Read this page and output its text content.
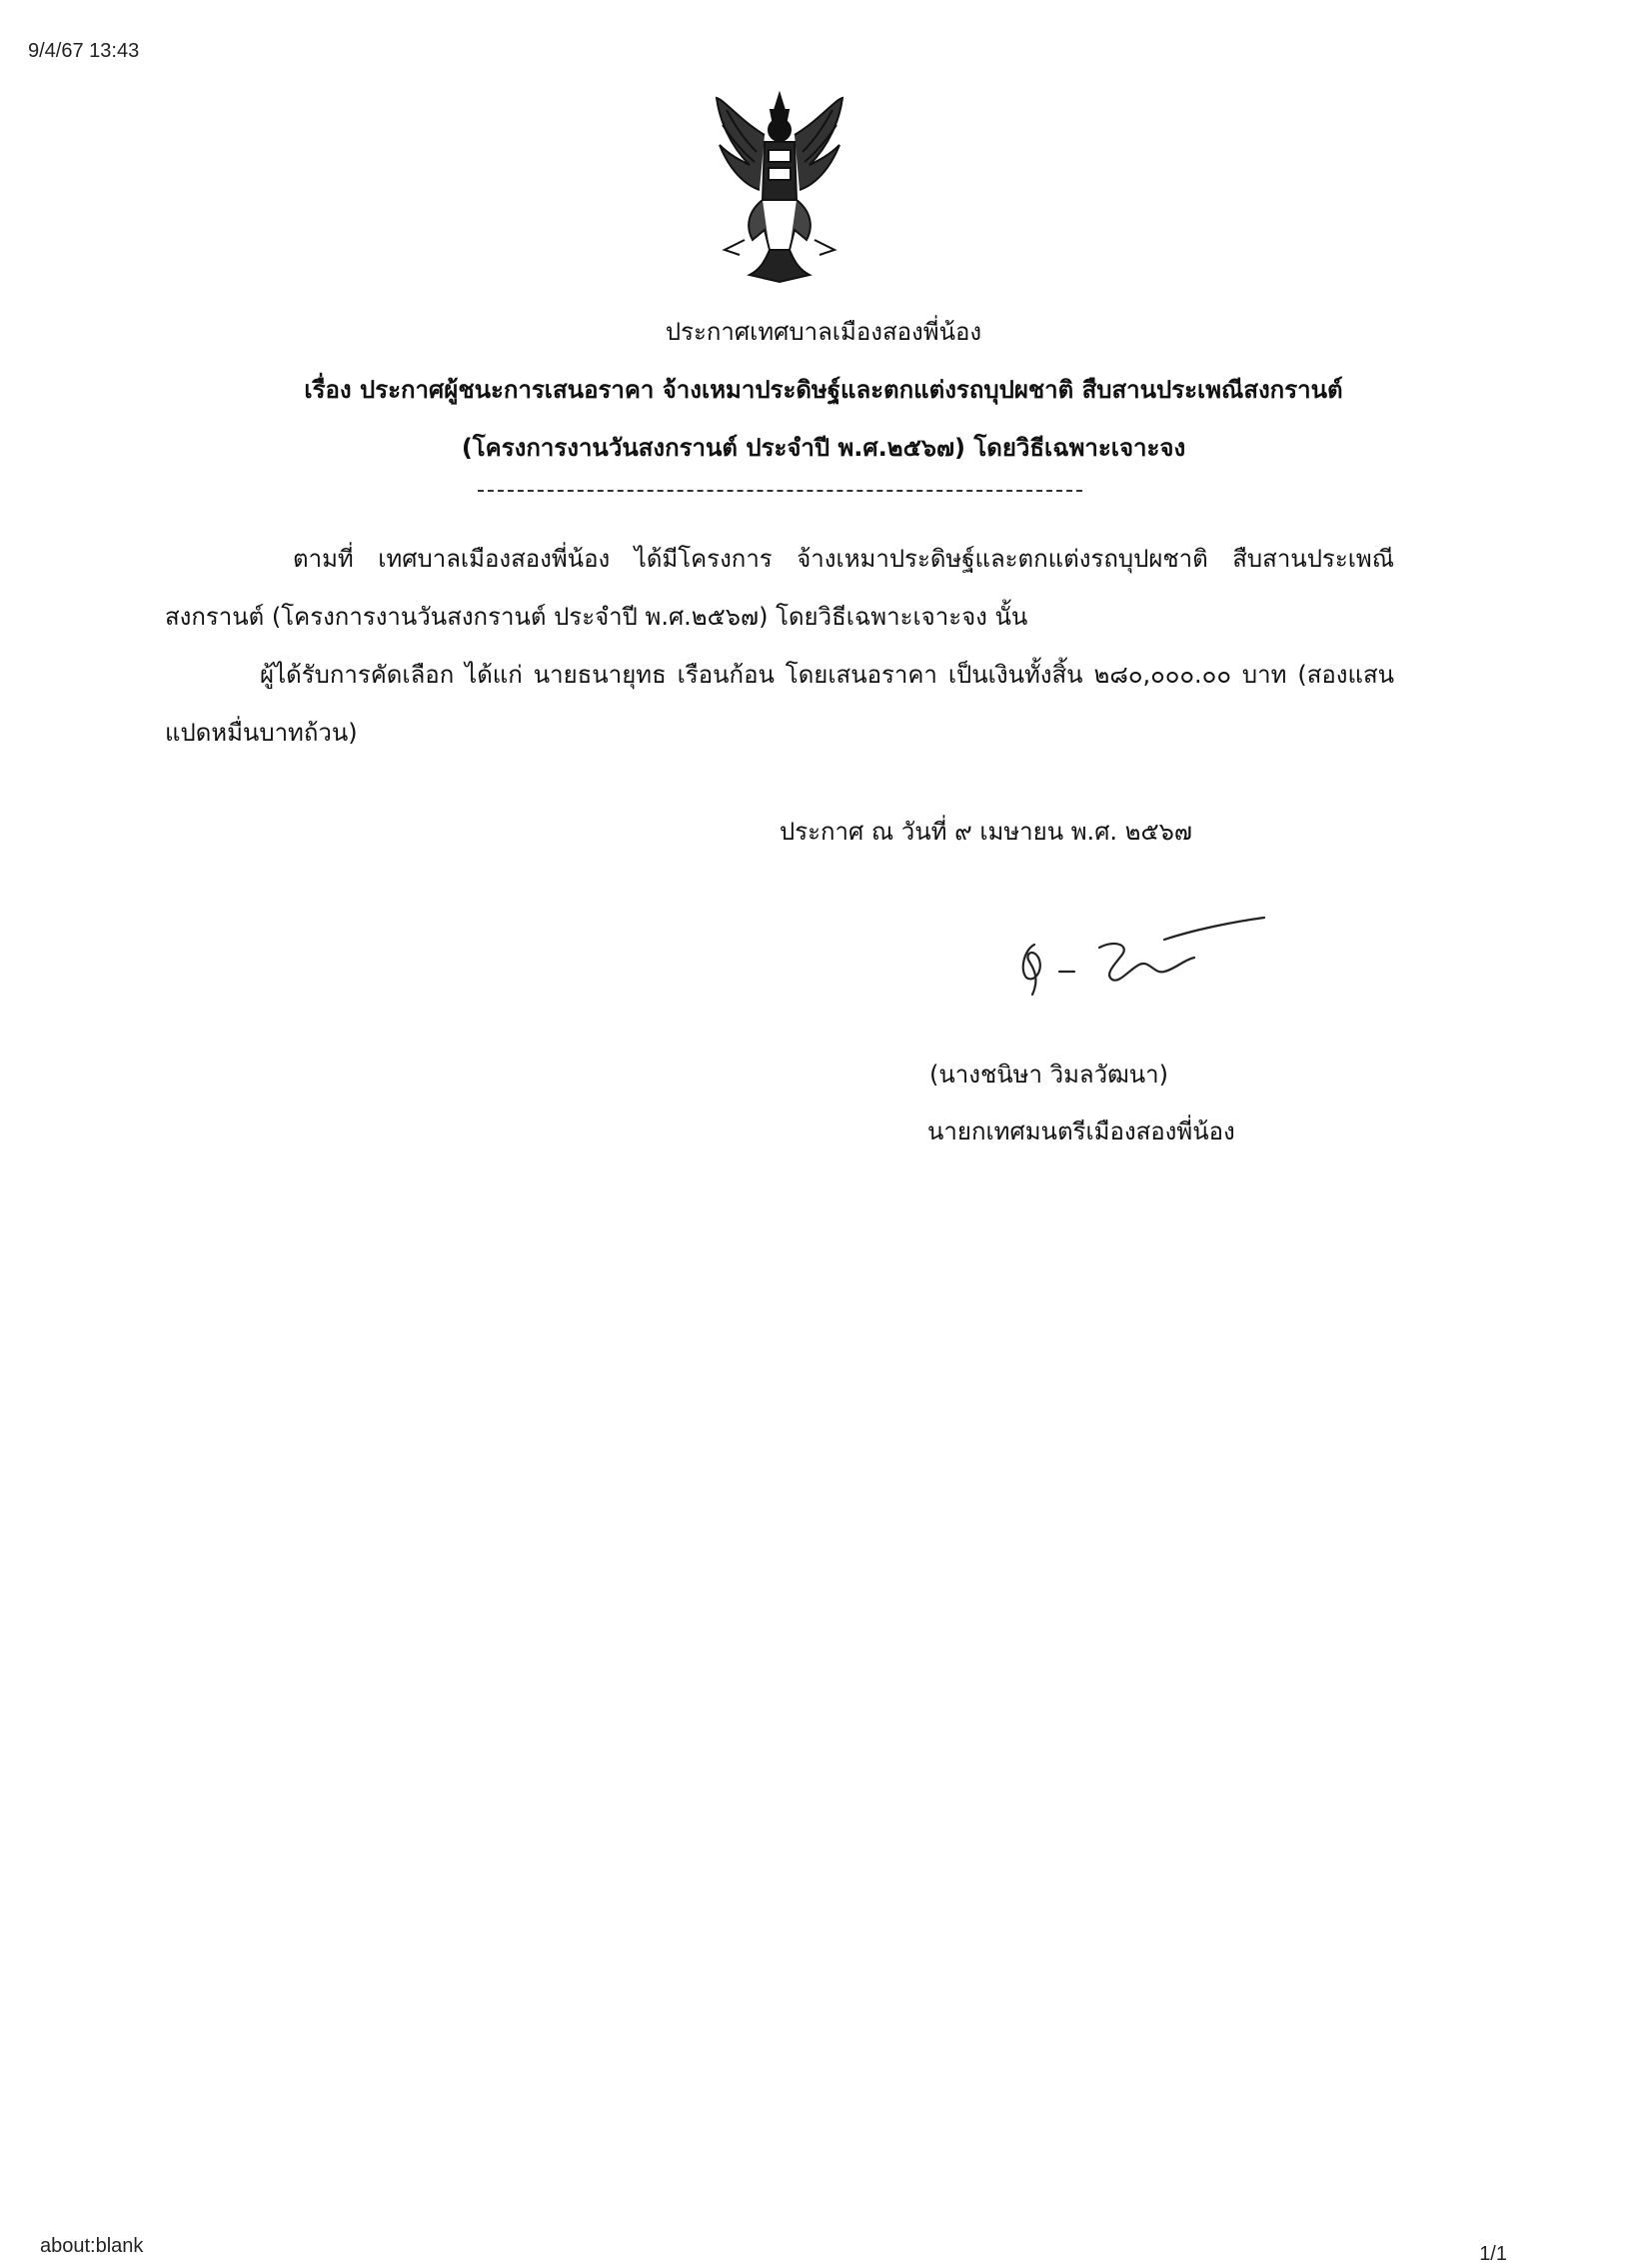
9/4/67 13:43
ประกาศเทศบาลเมืองสองพี่น้อง
เรื่อง ประกาศผู้ชนะการเสนอราคา จ้างเหมาประดิษฐ์และตกแต่งรถบุปผชาติ สืบสานประเพณีสงกรานต์
(โครงการงานวันสงกรานต์ ประจำปี พ.ศ.๒๕๖๗) โดยวิธีเฉพาะเจาะจง
ตามที่ เทศบาลเมืองสองพี่น้อง ได้มีโครงการ จ้างเหมาประดิษฐ์และตกแต่งรถบุปผชาติ สืบสานประเพณีสงกรานต์ (โครงการงานวันสงกรานต์ ประจำปี พ.ศ.๒๕๖๗) โดยวิธีเฉพาะเจาะจง นั้น
ผู้ได้รับการคัดเลือก ได้แก่ นายธนายุทธ เรือนก้อน โดยเสนอราคา เป็นเงินทั้งสิ้น ๒๘๐,๐๐๐.๐๐ บาท (สองแสนแปดหมื่นบาทถ้วน)
ประกาศ ณ วันที่ ๙ เมษายน พ.ศ. ๒๕๖๗
(นางชนิษา วิมลวัฒนา)
นายกเทศมนตรีเมืองสองพี่น้อง
about:blank	1/1
